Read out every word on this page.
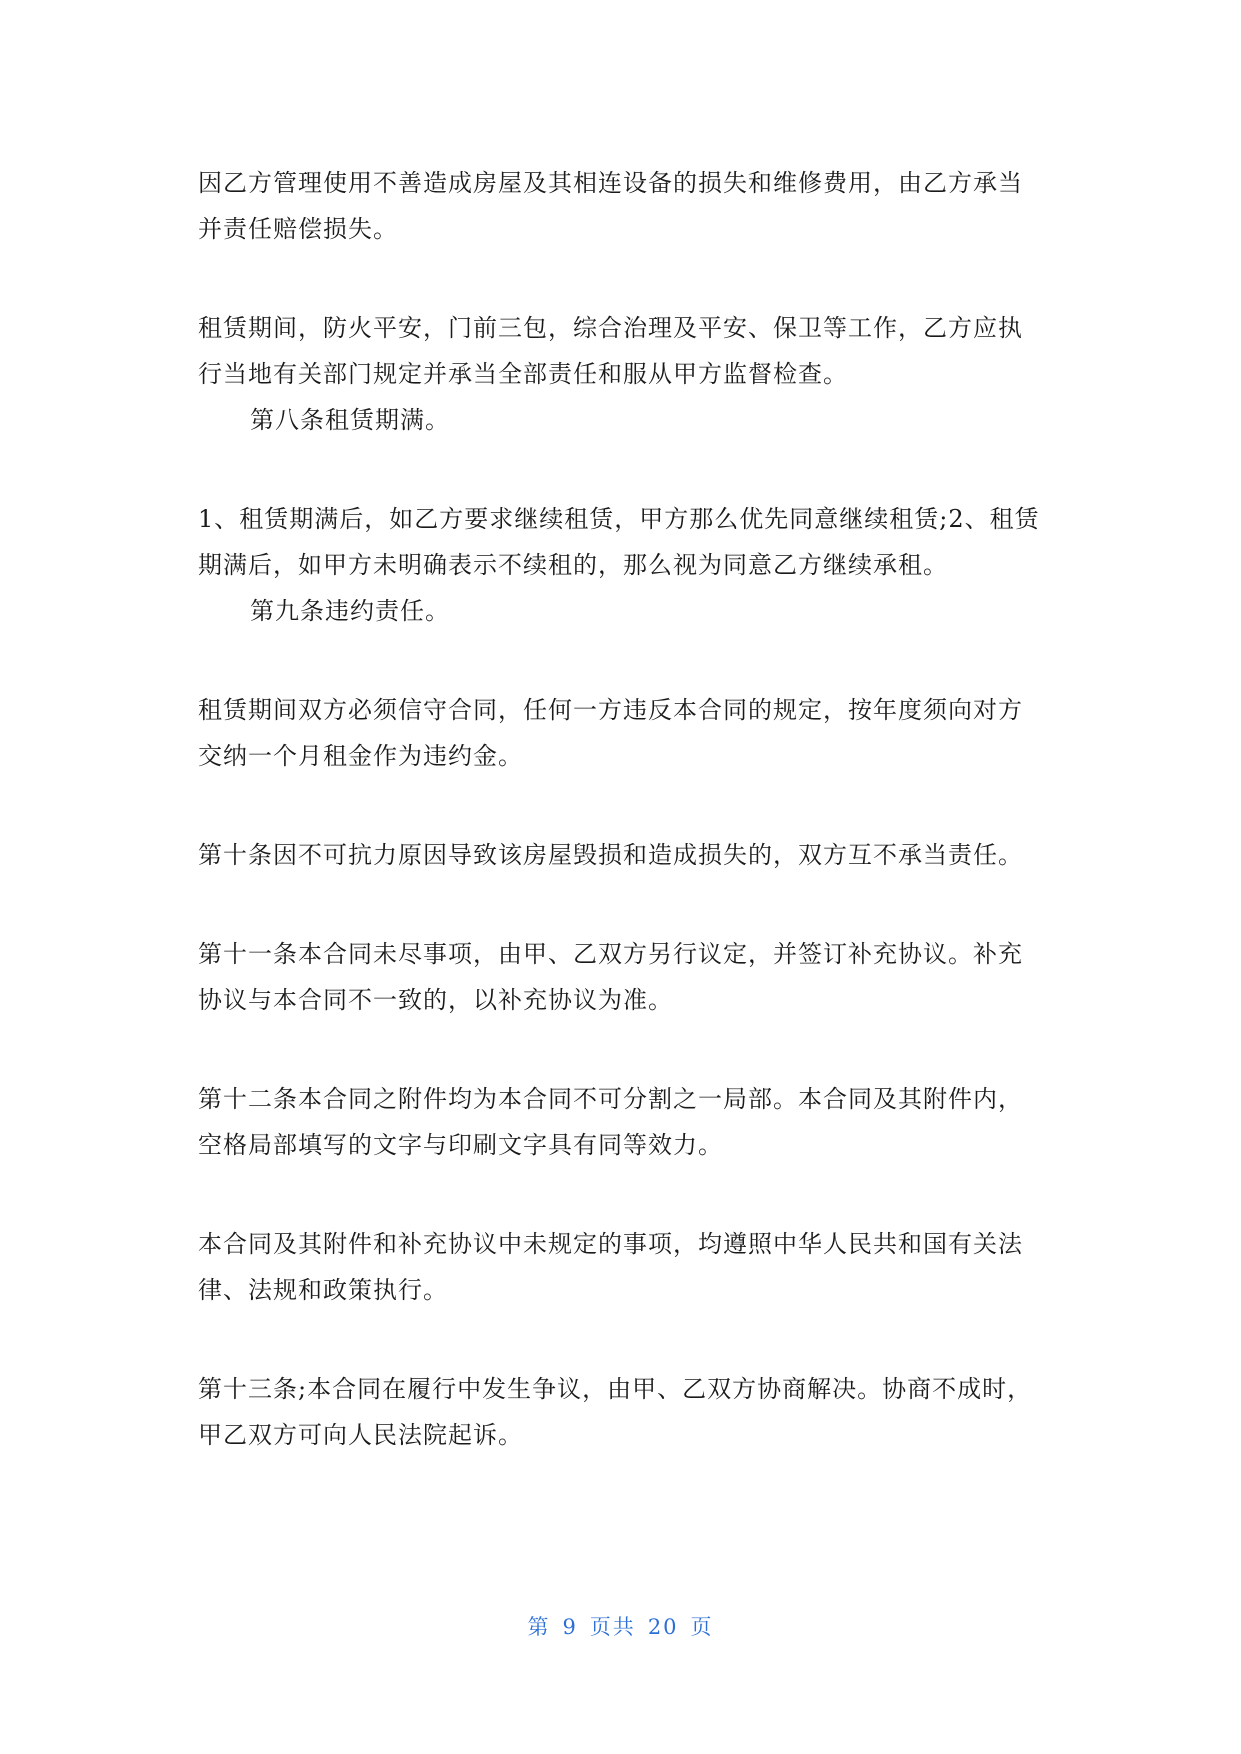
因乙方管理使用不善造成房屋及其相连设备的损失和维修费用，由乙方承当并责任赔偿损失。

租赁期间，防火平安，门前三包，综合治理及平安、保卫等工作，乙方应执行当地有关部门规定并承当全部责任和服从甲方监督检查。

第八条租赁期满。

1、租赁期满后，如乙方要求继续租赁，甲方那么优先同意继续租赁;2、租赁期满后，如甲方未明确表示不续租的，那么视为同意乙方继续承租。

第九条违约责任。

租赁期间双方必须信守合同，任何一方违反本合同的规定，按年度须向对方交纳一个月租金作为违约金。

第十条因不可抗力原因导致该房屋毁损和造成损失的，双方互不承当责任。

第十一条本合同未尽事项，由甲、乙双方另行议定，并签订补充协议。补充协议与本合同不一致的，以补充协议为准。

第十二条本合同之附件均为本合同不可分割之一局部。本合同及其附件内，空格局部填写的文字与印刷文字具有同等效力。

本合同及其附件和补充协议中未规定的事项，均遵照中华人民共和国有关法律、法规和政策执行。

第十三条;本合同在履行中发生争议，由甲、乙双方协商解决。协商不成时，甲乙双方可向人民法院起诉。

第 9 页共 20 页
